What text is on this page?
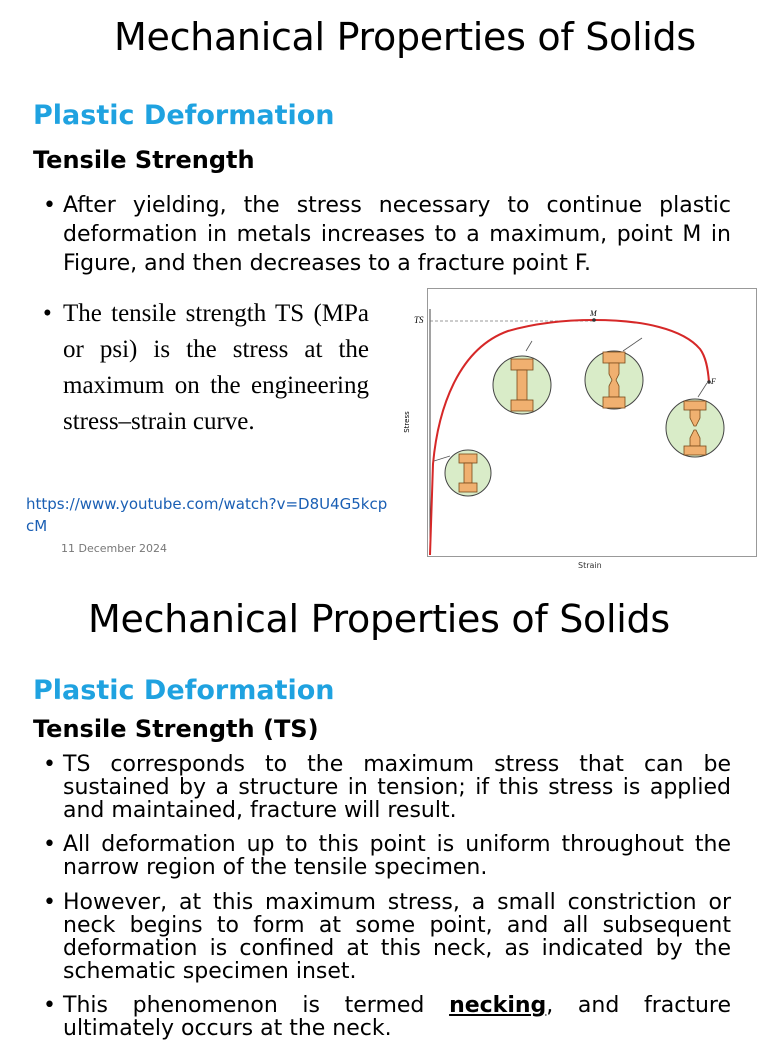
Mechanical Properties of Solids
Plastic Deformation
Tensile Strength
• After yielding, the stress necessary to continue plastic deformation in metals increases to a maximum, point M in Figure, and then decreases to a fracture point F.
• The tensile strength TS (MPa or psi) is the stress at the maximum on the engineering stress–strain curve.
https://www.youtube.com/watch?v=D8U4G5kcpcM
11 December 2024
M
F
TS
Stress
Strain
Mechanical Properties of Solids
Plastic Deformation
Tensile Strength (TS)
• TS corresponds to the maximum stress that can be sustained by a structure in tension; if this stress is applied and maintained, fracture will result.
• All deformation up to this point is uniform throughout the narrow region of the tensile specimen.
• However, at this maximum stress, a small constriction or neck begins to form at some point, and all subsequent deformation is confined at this neck, as indicated by the schematic specimen inset.
• This phenomenon is termed necking, and fracture ultimately occurs at the neck.
